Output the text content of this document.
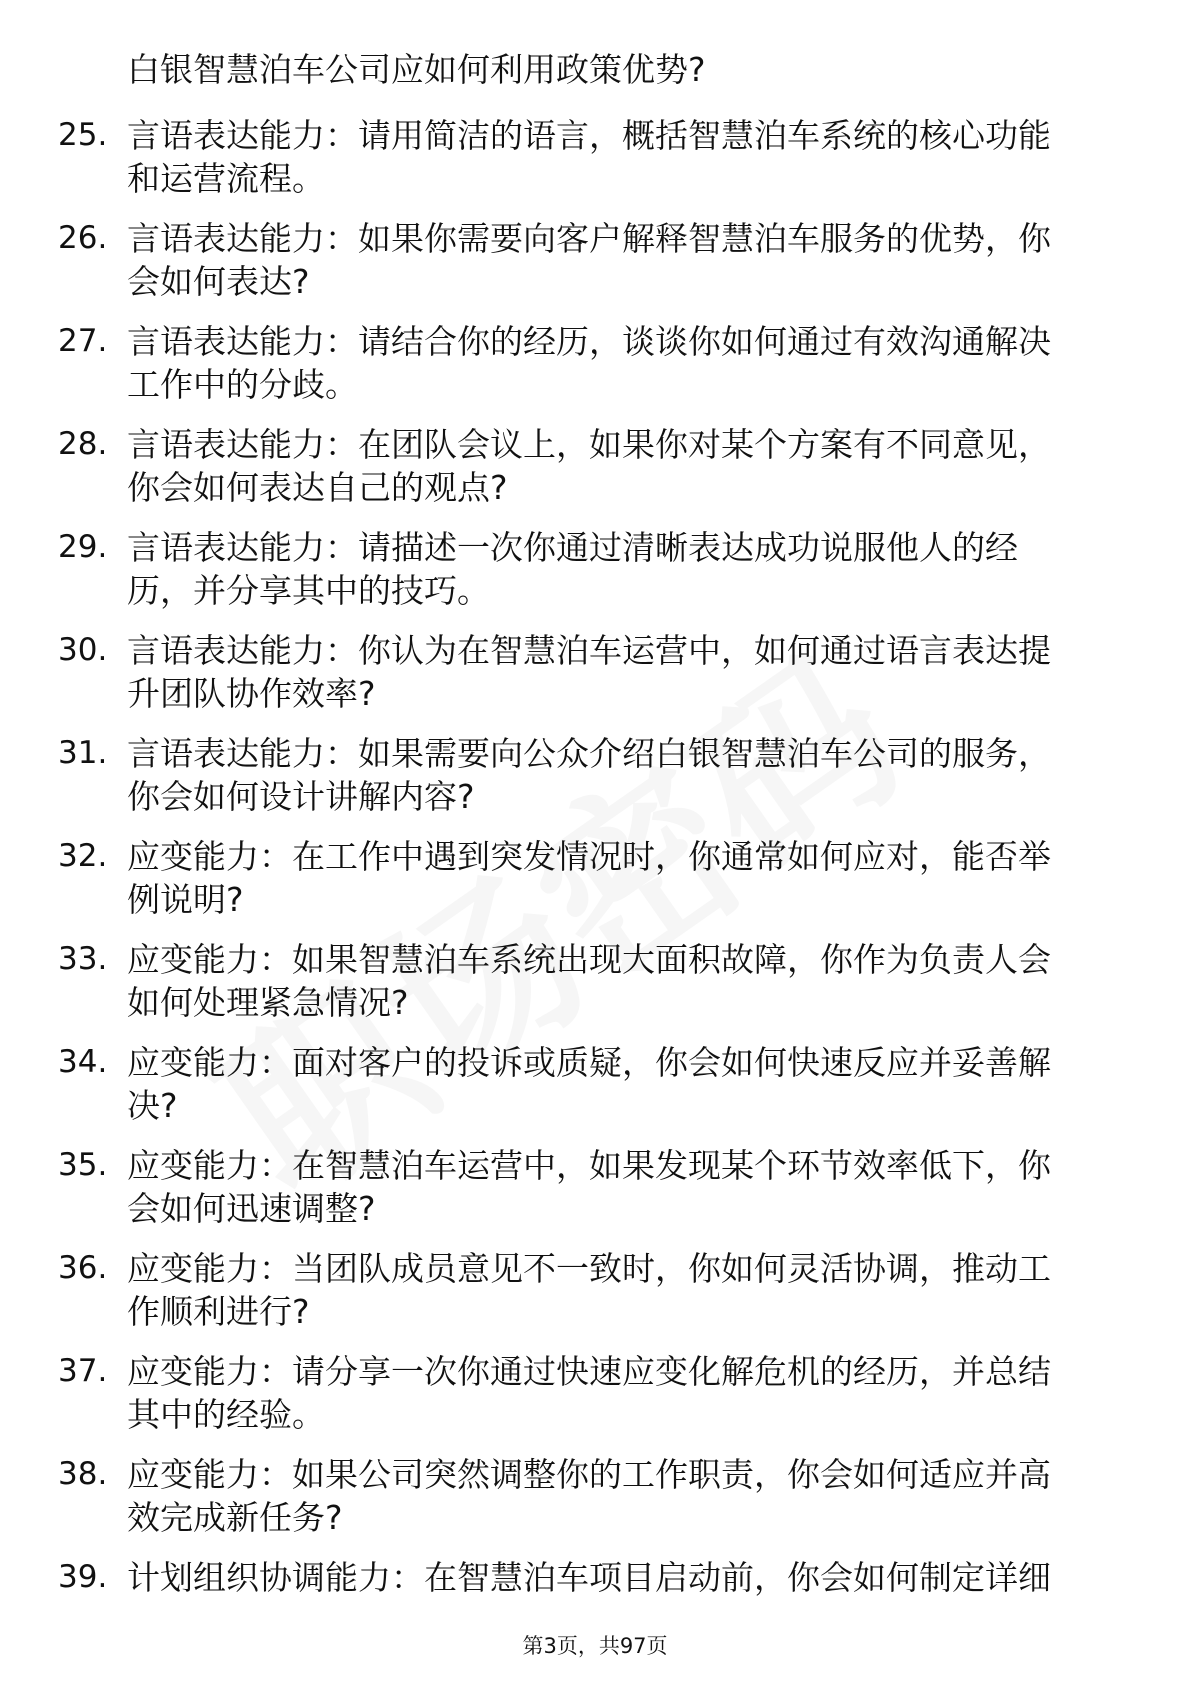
白银智慧泊车公司应如何利用政策优势?
25. 言语表达能力：请用简洁的语言，概括智慧泊车系统的核心功能
和运营流程。
26. 言语表达能力：如果你需要向客户解释智慧泊车服务的优势，你
会如何表达?
27. 言语表达能力：请结合你的经历，谈谈你如何通过有效沟通解决
工作中的分歧。
28. 言语表达能力：在团队会议上，如果你对某个方案有不同意见，
你会如何表达自己的观点?
29. 言语表达能力：请描述一次你通过清晰表达成功说服他人的经
历，并分享其中的技巧。
30. 言语表达能力：你认为在智慧泊车运营中，如何通过语言表达提
升团队协作效率?
31. 言语表达能力：如果需要向公众介绍白银智慧泊车公司的服务，
你会如何设计讲解内容?
32. 应变能力：在工作中遇到突发情况时，你通常如何应对，能否举
例说明?
33. 应变能力：如果智慧泊车系统出现大面积故障，你作为负责人会
如何处理紧急情况?
34. 应变能力：面对客户的投诉或质疑，你会如何快速反应并妥善解
决?
35. 应变能力：在智慧泊车运营中，如果发现某个环节效率低下，你
会如何迅速调整?
36. 应变能力：当团队成员意见不一致时，你如何灵活协调，推动工
作顺利进行?
37. 应变能力：请分享一次你通过快速应变化解危机的经历，并总结
其中的经验。
38. 应变能力：如果公司突然调整你的工作职责，你会如何适应并高
效完成新任务?
39. 计划组织协调能力：在智慧泊车项目启动前，你会如何制定详细
第3页，共97页
